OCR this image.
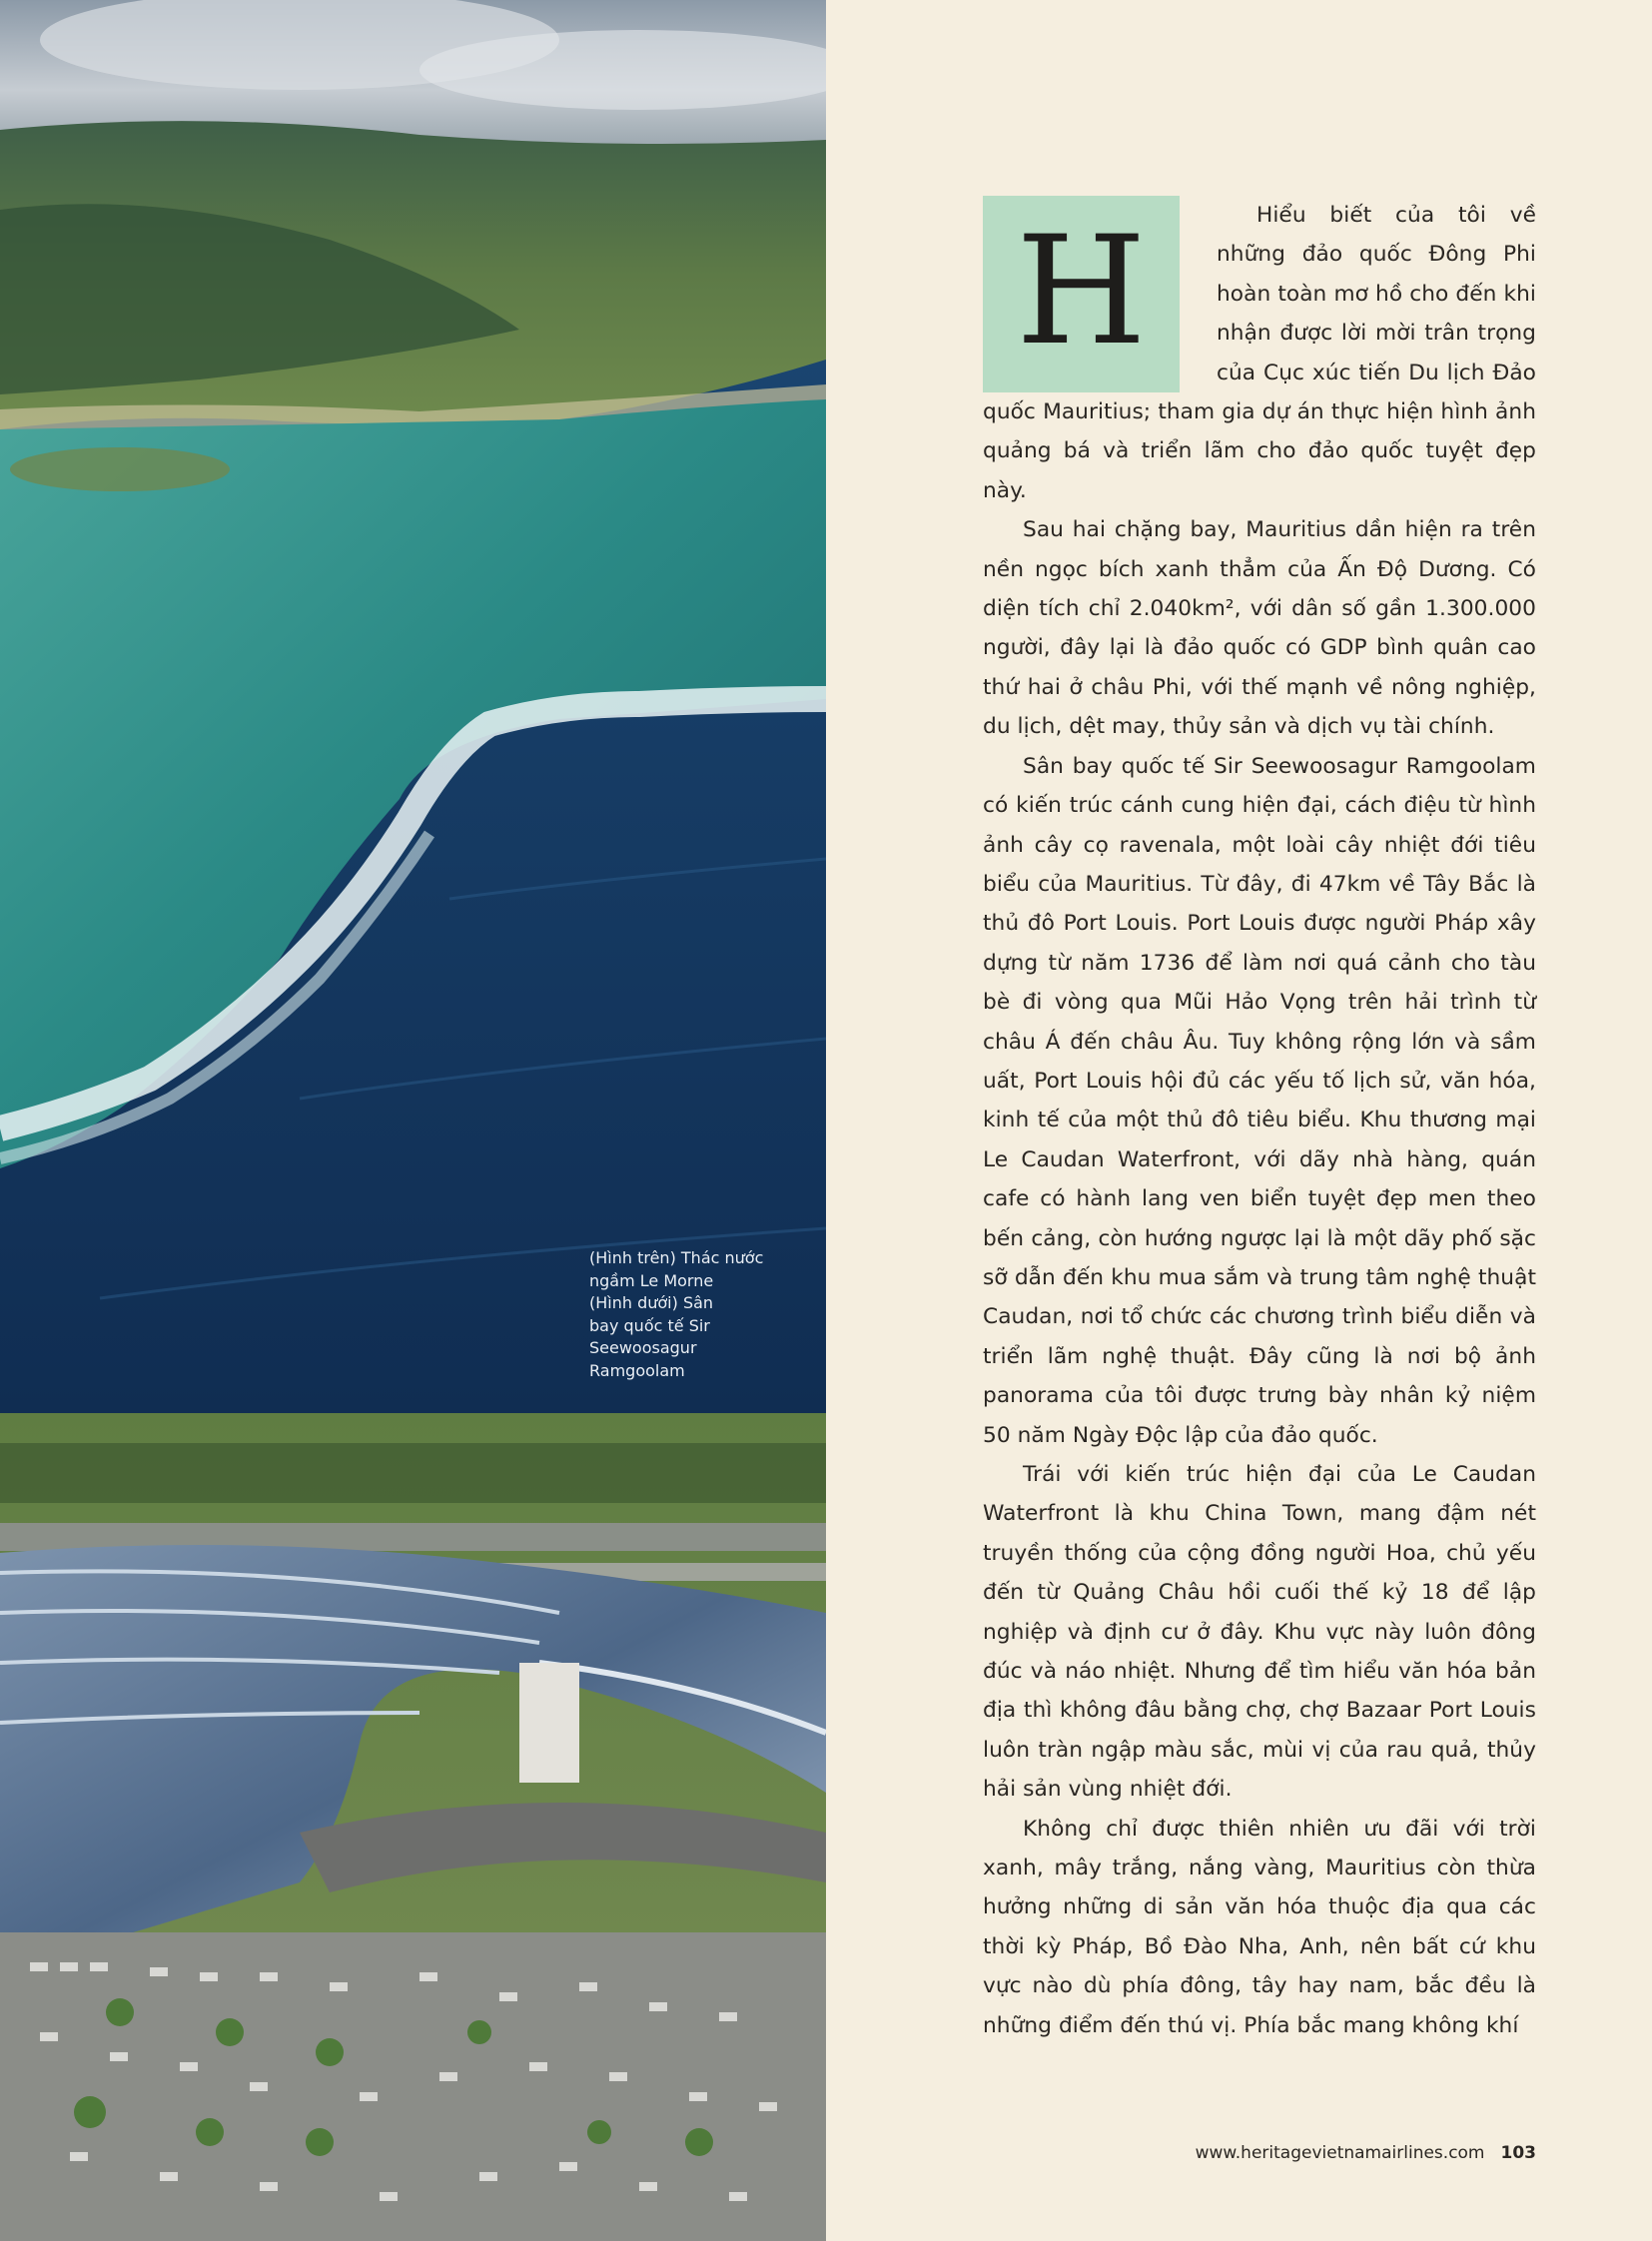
(Hình trên) Thác nước

ngầm Le Morne

(Hình dưới) Sân

bay quốc tế Sir

Seewoosagur

Ramgoolam

H	Hiểu biết của tôi về những đảo quốc Đông Phi hoàn toàn mơ hồ cho đến khi nhận được lời mời trân trọng của Cục xúc tiến Du lịch Đảo quốc Mauritius; tham gia dự án thực hiện hình ảnh quảng bá và triển lãm cho đảo quốc tuyệt đẹp này.

Sau hai chặng bay, Mauritius dần hiện ra trên nền ngọc bích xanh thẳm của Ấn Độ Dương. Có diện tích chỉ 2.040km², với dân số gần 1.300.000 người, đây lại là đảo quốc có GDP bình quân cao thứ hai ở châu Phi, với thế mạnh về nông nghiệp, du lịch, dệt may, thủy sản và dịch vụ tài chính.

Sân bay quốc tế Sir Seewoosagur Ramgoolam có kiến trúc cánh cung hiện đại, cách điệu từ hình ảnh cây cọ ravenala, một loài cây nhiệt đới tiêu biểu của Mauritius. Từ đây, đi 47km về Tây Bắc là thủ đô Port Louis. Port Louis được người Pháp xây dựng từ năm 1736 để làm nơi quá cảnh cho tàu bè đi vòng qua Mũi Hảo Vọng trên hải trình từ châu Á đến châu Âu. Tuy không rộng lớn và sầm uất, Port Louis hội đủ các yếu tố lịch sử, văn hóa, kinh tế của một thủ đô tiêu biểu. Khu thương mại Le Caudan Waterfront, với dãy nhà hàng, quán cafe có hành lang ven biển tuyệt đẹp men theo bến cảng, còn hướng ngược lại là một dãy phố sặc sỡ dẫn đến khu mua sắm và trung tâm nghệ thuật Caudan, nơi tổ chức các chương trình biểu diễn và triển lãm nghệ thuật. Đây cũng là nơi bộ ảnh panorama của tôi được trưng bày nhân kỷ niệm 50 năm Ngày Độc lập của đảo quốc.

Trái với kiến trúc hiện đại của Le Caudan Waterfront là khu China Town, mang đậm nét truyền thống của cộng đồng người Hoa, chủ yếu đến từ Quảng Châu hồi cuối thế kỷ 18 để lập nghiệp và định cư ở đây. Khu vực này luôn đông đúc và náo nhiệt. Nhưng để tìm hiểu văn hóa bản địa thì không đâu bằng chợ, chợ Bazaar Port Louis luôn tràn ngập màu sắc, mùi vị của rau quả, thủy hải sản vùng nhiệt đới.

Không chỉ được thiên nhiên ưu đãi với trời xanh, mây trắng, nắng vàng, Mauritius còn thừa hưởng những di sản văn hóa thuộc địa qua các thời kỳ Pháp, Bồ Đào Nha, Anh, nên bất cứ khu vực nào dù phía đông, tây hay nam, bắc đều là những điểm đến thú vị. Phía bắc mang không khí

www.heritagevietnamairlines.com 103
